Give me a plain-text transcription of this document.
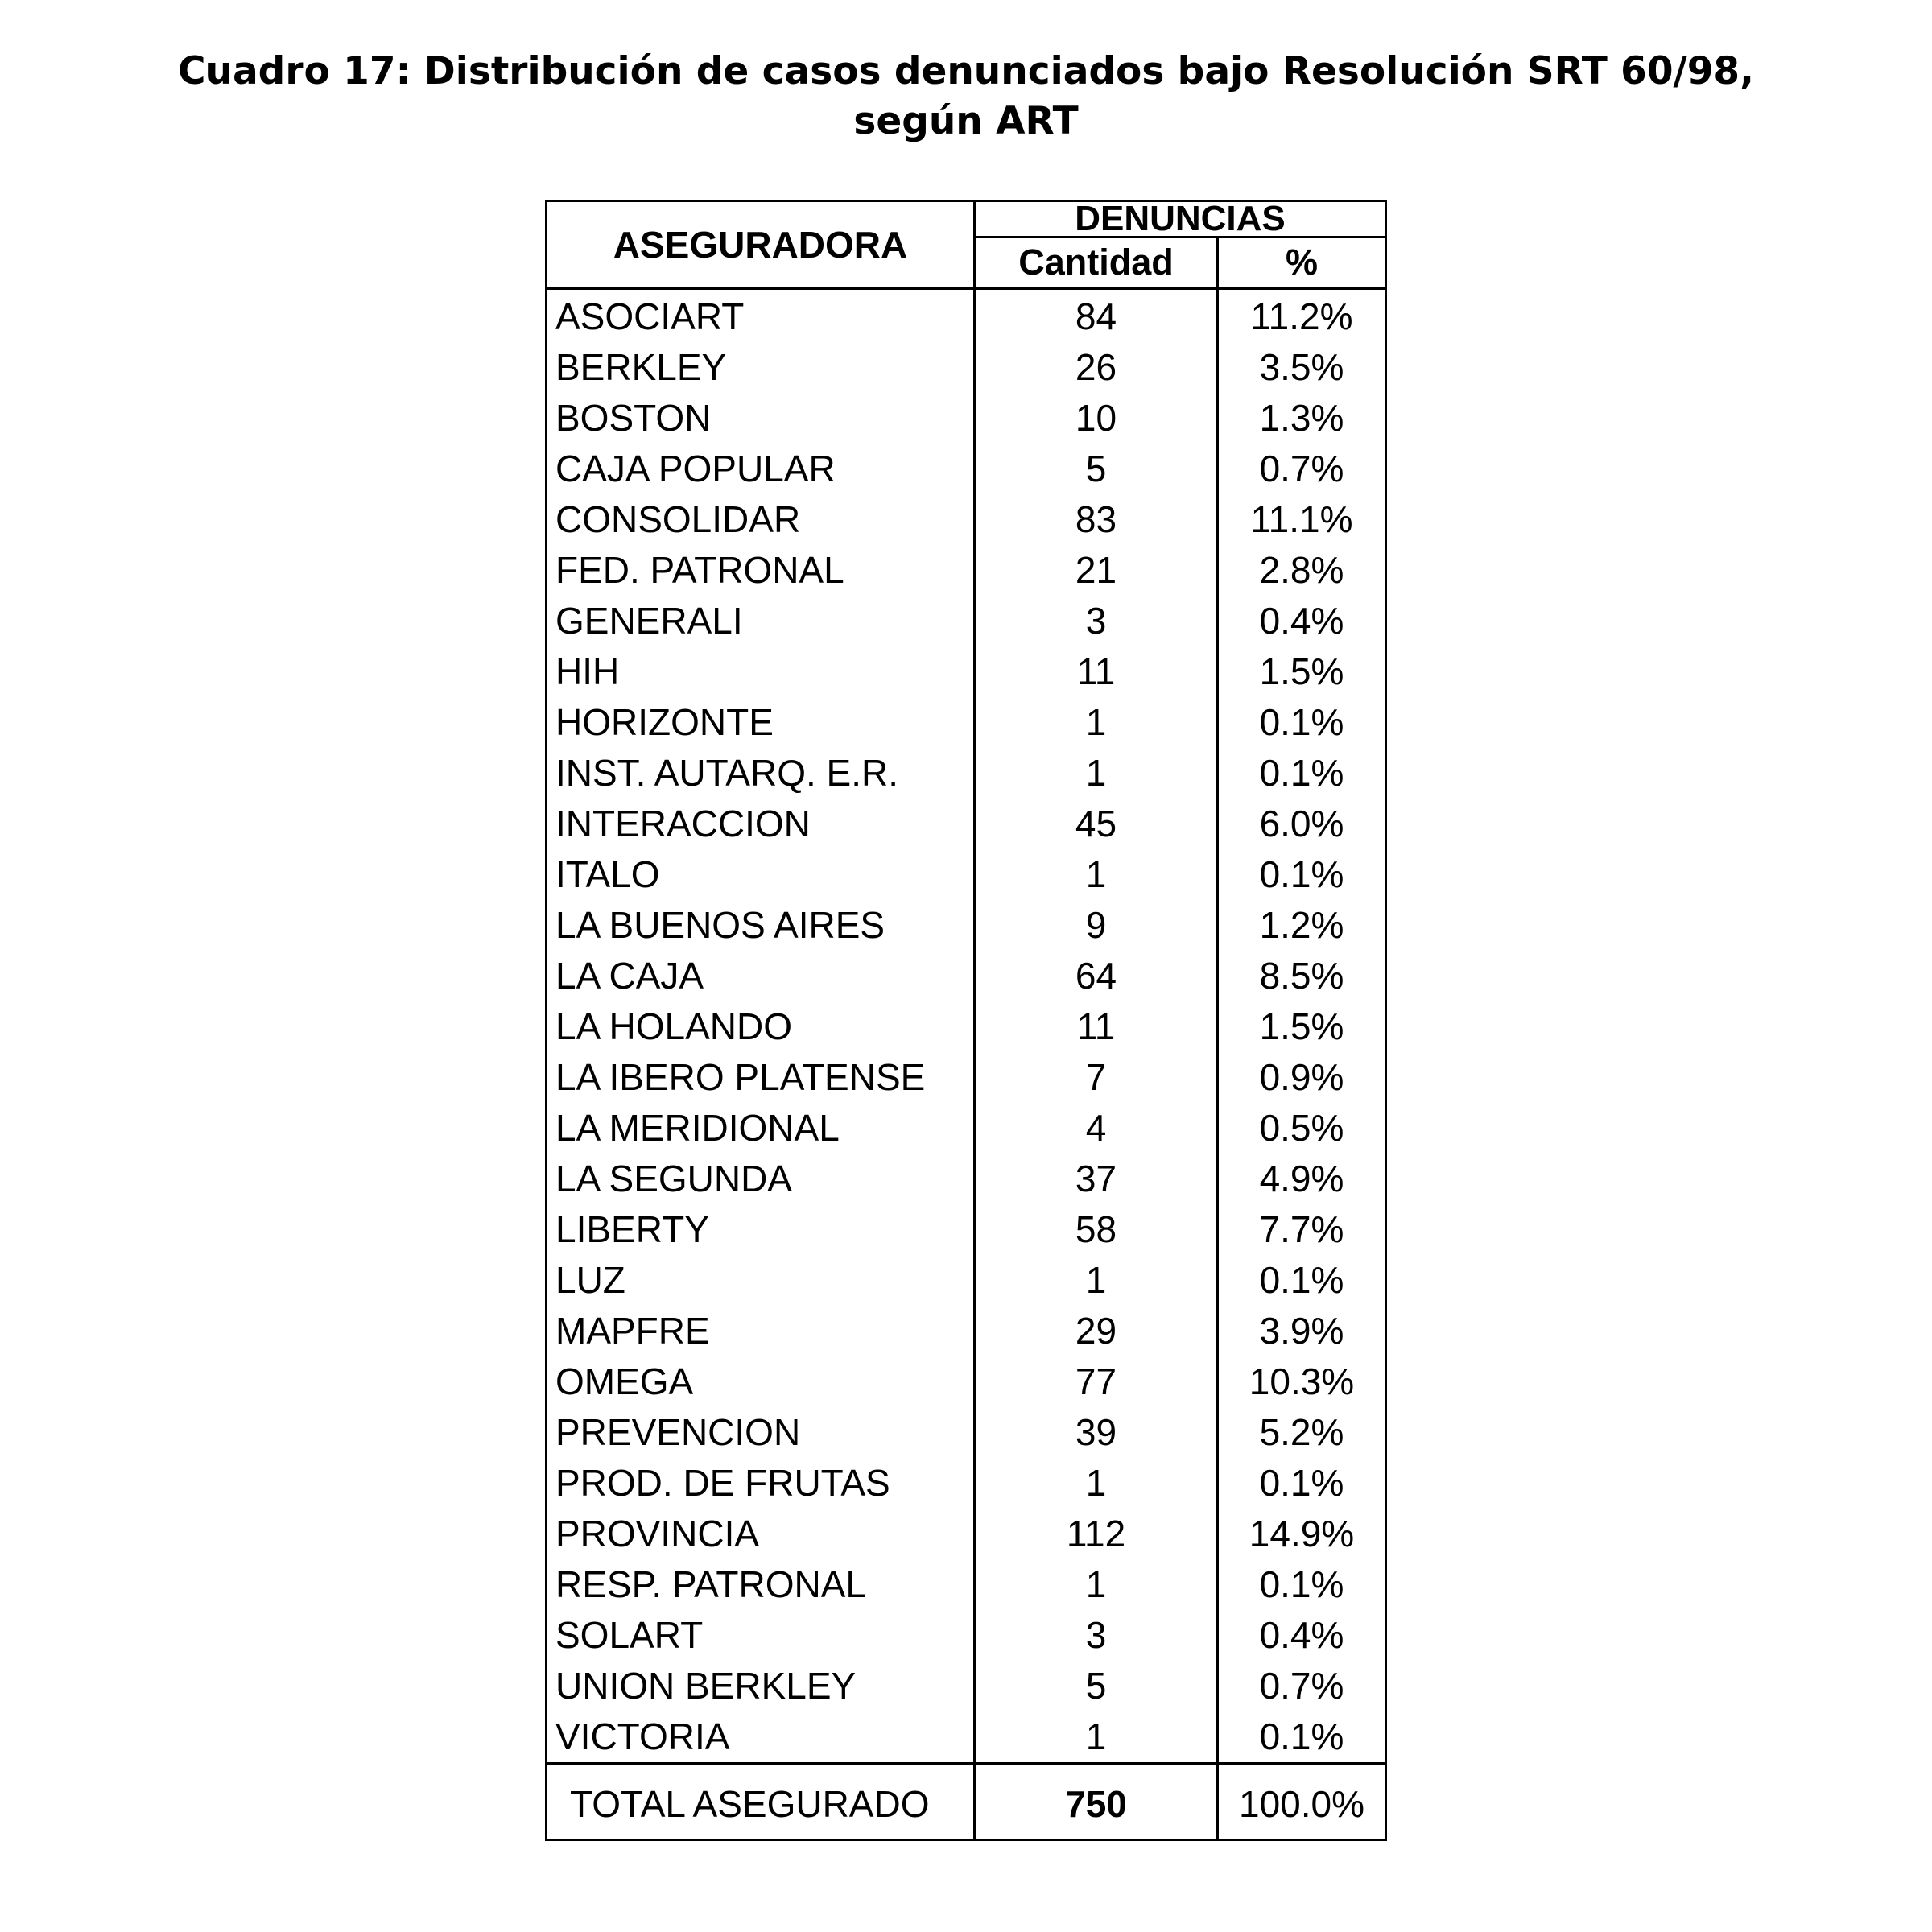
Cuadro 17: Distribución de casos denunciados bajo Resolución SRT 60/98,
según ART
ASEGURADORA	DENUNCIAS	
	Cantidad	%
ASOCIART	84	11.2%
BERKLEY	26	3.5%
BOSTON	10	1.3%
CAJA POPULAR	5	0.7%
CONSOLIDAR	83	11.1%
FED. PATRONAL	21	2.8%
GENERALI	3	0.4%
HIH	11	1.5%
HORIZONTE	1	0.1%
INST. AUTARQ. E.R.	1	0.1%
INTERACCION	45	6.0%
ITALO	1	0.1%
LA BUENOS AIRES	9	1.2%
LA CAJA	64	8.5%
LA HOLANDO	11	1.5%
LA IBERO PLATENSE	7	0.9%
LA MERIDIONAL	4	0.5%
LA SEGUNDA	37	4.9%
LIBERTY	58	7.7%
LUZ	1	0.1%
MAPFRE	29	3.9%
OMEGA	77	10.3%
PREVENCION	39	5.2%
PROD. DE FRUTAS	1	0.1%
PROVINCIA	112	14.9%
RESP. PATRONAL	1	0.1%
SOLART	3	0.4%
UNION BERKLEY	5	0.7%
VICTORIA	1	0.1%
TOTAL ASEGURADO	750	100.0%
